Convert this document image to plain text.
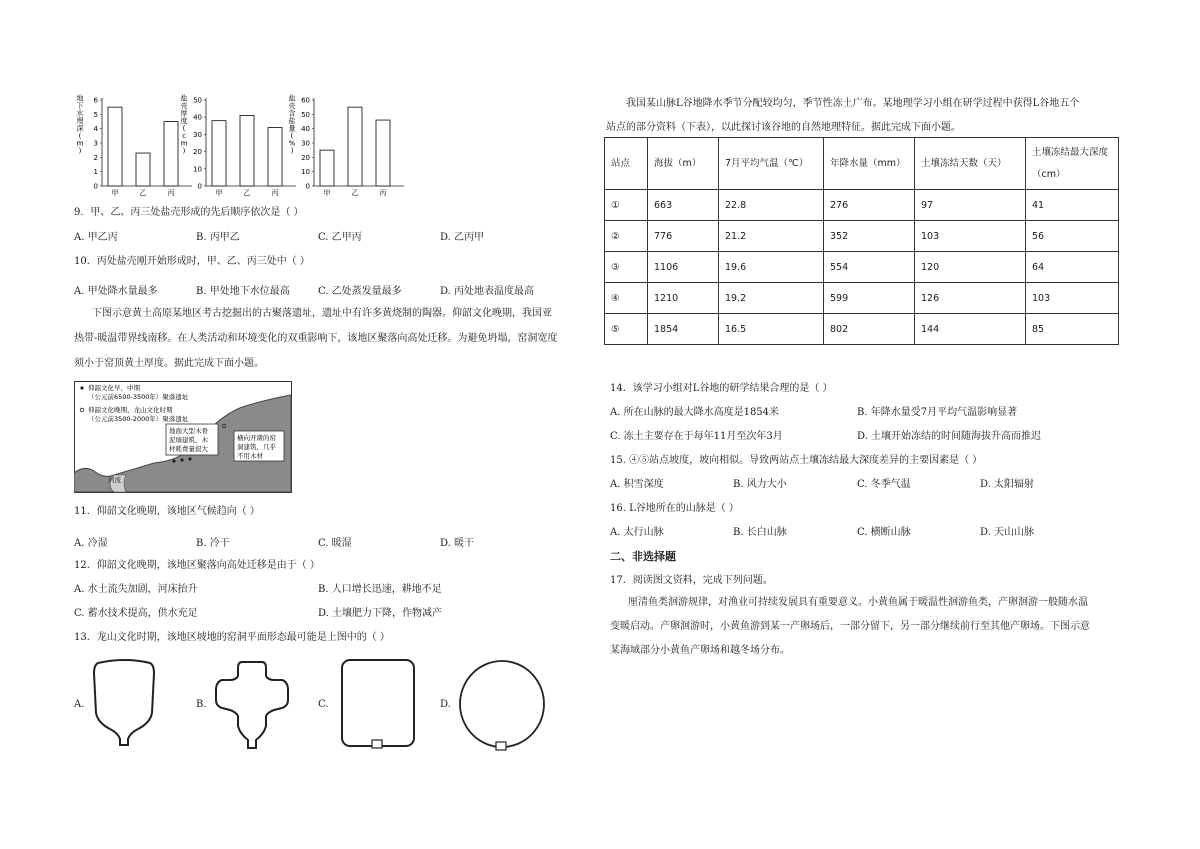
地
下
水
埋
深
(
m
)
0
1
2
3
4
5
6
甲	乙	丙
盐
壳
厚
度
(
c
m
)
0
10
20
30
40
50
甲	乙	丙
盐
壳
含
盐
量
(
%
)
0
10
20
30
40
50
60
甲	乙	丙
9．甲、乙、丙三处盐壳形成的先后顺序依次是（ ）
A. 甲乙丙	B. 丙甲乙	C. 乙甲丙	D. 乙丙甲
10．丙处盐壳刚开始形成时，甲、乙、丙三处中（ ）
A. 甲处降水量最多	B. 甲处地下水位最高	C. 乙处蒸发量最多	D. 丙处地表温度最高
下图示意黄土高原某地区考古挖掘出的古聚落遗址，遗址中有许多黄烧制的陶器。仰韶文化晚期，我国亚
热带-暖温带界线南移。在人类活动和环境变化的双重影响下，该地区聚落向高处迁移。为避免坍塌，窑洞宽度
须小于窑顶黄土厚度。据此完成下面小题。
仰韶文化早、中期
（公元前6500-3500年）聚落遗址
仰韶文化晚期、龙山文化时期
（公元前3500-2000年）聚落遗址
地面大型木骨
泥墙建筑，木
材耗费量很大
横向开凿的窑
洞建筑，几乎
不用木材
河流
11．仰韶文化晚期，该地区气候趋向（ ）
A. 冷湿	B. 冷干	C. 暖湿	D. 暖干
12．仰韶文化晚期，该地区聚落向高处迁移是由于（ ）
A. 水土流失加剧，河床抬升	B. 人口增长迅速，耕地不足
C. 蓄水技术提高，供水充足	D. 土壤肥力下降，作物减产
13．龙山文化时期，该地区坡地的窑洞平面形态最可能是上图中的（ ）
A.	B.	C.	D.
我国某山脉L谷地降水季节分配较均匀，季节性冻土广布。某地理学习小组在研学过程中获得L谷地五个
站点的部分资料（下表），以此探讨该谷地的自然地理特征。据此完成下面小题。
站点	海拔（m）	7月平均气温（℃）	年降水量（mm）	土壤冻结天数（天）	土壤冻结最大深度（cm）
①	663	22.8	276	97	41
②	776	21.2	352	103	56
③	1106	19.6	554	120	64
④	1210	19.2	599	126	103
⑤	1854	16.5	802	144	85
14．该学习小组对L谷地的研学结果合理的是（ ）
A. 所在山脉的最大降水高度是1854米	B. 年降水量受7月平均气温影响显著
C. 冻土主要存在于每年11月至次年3月	D. 土壤开始冻结的时间随海拔升高而推迟
15. ④⑤站点坡度，坡向相似。导致两站点土壤冻结最大深度差异的主要因素是（ ）
A. 积雪深度	B. 风力大小	C. 冬季气温	D. 太阳辐射
16. L谷地所在的山脉是（ ）
A. 太行山脉	B. 长白山脉	C. 横断山脉	D. 天山山脉
二、非选择题
17．阅读图文资料，完成下列问题。
厘清鱼类洄游规律，对渔业可持续发展具有重要意义。小黄鱼属于暖温性洄游鱼类，产卵洄游一般随水温
变暖启动。产卵洄游时，小黄鱼游到某一产卵场后，一部分留下，另一部分继续前行至其他产卵场。下图示意
某海域部分小黄鱼产卵场和越冬场分布。
